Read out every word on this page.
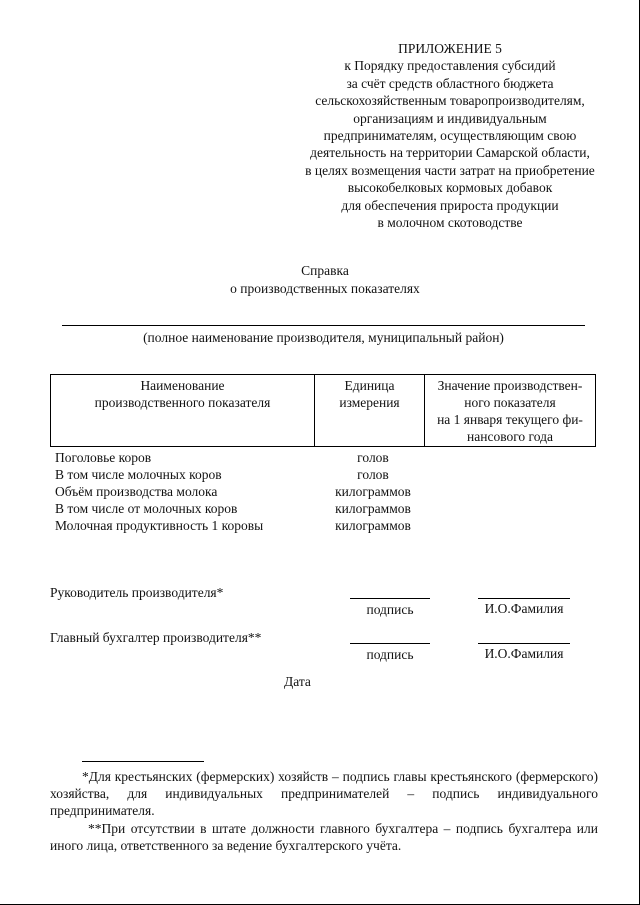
ПРИЛОЖЕНИЕ 5
к Порядку предоставления субсидий
за счёт средств областного бюджета
сельскохозяйственным товаропроизводителям,
организациям и индивидуальным
предпринимателям, осуществляющим свою
деятельность на территории Самарской области,
в целях возмещения части затрат на приобретение
высокобелковых кормовых добавок
для обеспечения прироста продукции
в молочном скотоводстве
Справка
о производственных показателях
(полное наименование производителя, муниципальный район)
Наименование
производственного показателя

Единица
измерения

Значение производствен-
ного показателя
на 1 января текущего фи-
нансового года
Поголовье коров	голов
В том числе молочных коров	голов
Объём производства молока	килограммов
В том числе от молочных коров	килограммов
Молочная продуктивность 1 коровы	килограммов
Руководитель производителя*
подпись	И.О.Фамилия
Главный бухгалтер производителя**
подпись	И.О.Фамилия
Дата
*Для крестьянских (фермерских) хозяйств – подпись главы крестьянского (фермерского) хозяйства, для индивидуальных предпринимателей – подпись индивидуального предпринимателя.
**При отсутствии в штате должности главного бухгалтера – подпись бухгалтера или иного лица, ответственного за ведение бухгалтерского учёта.
